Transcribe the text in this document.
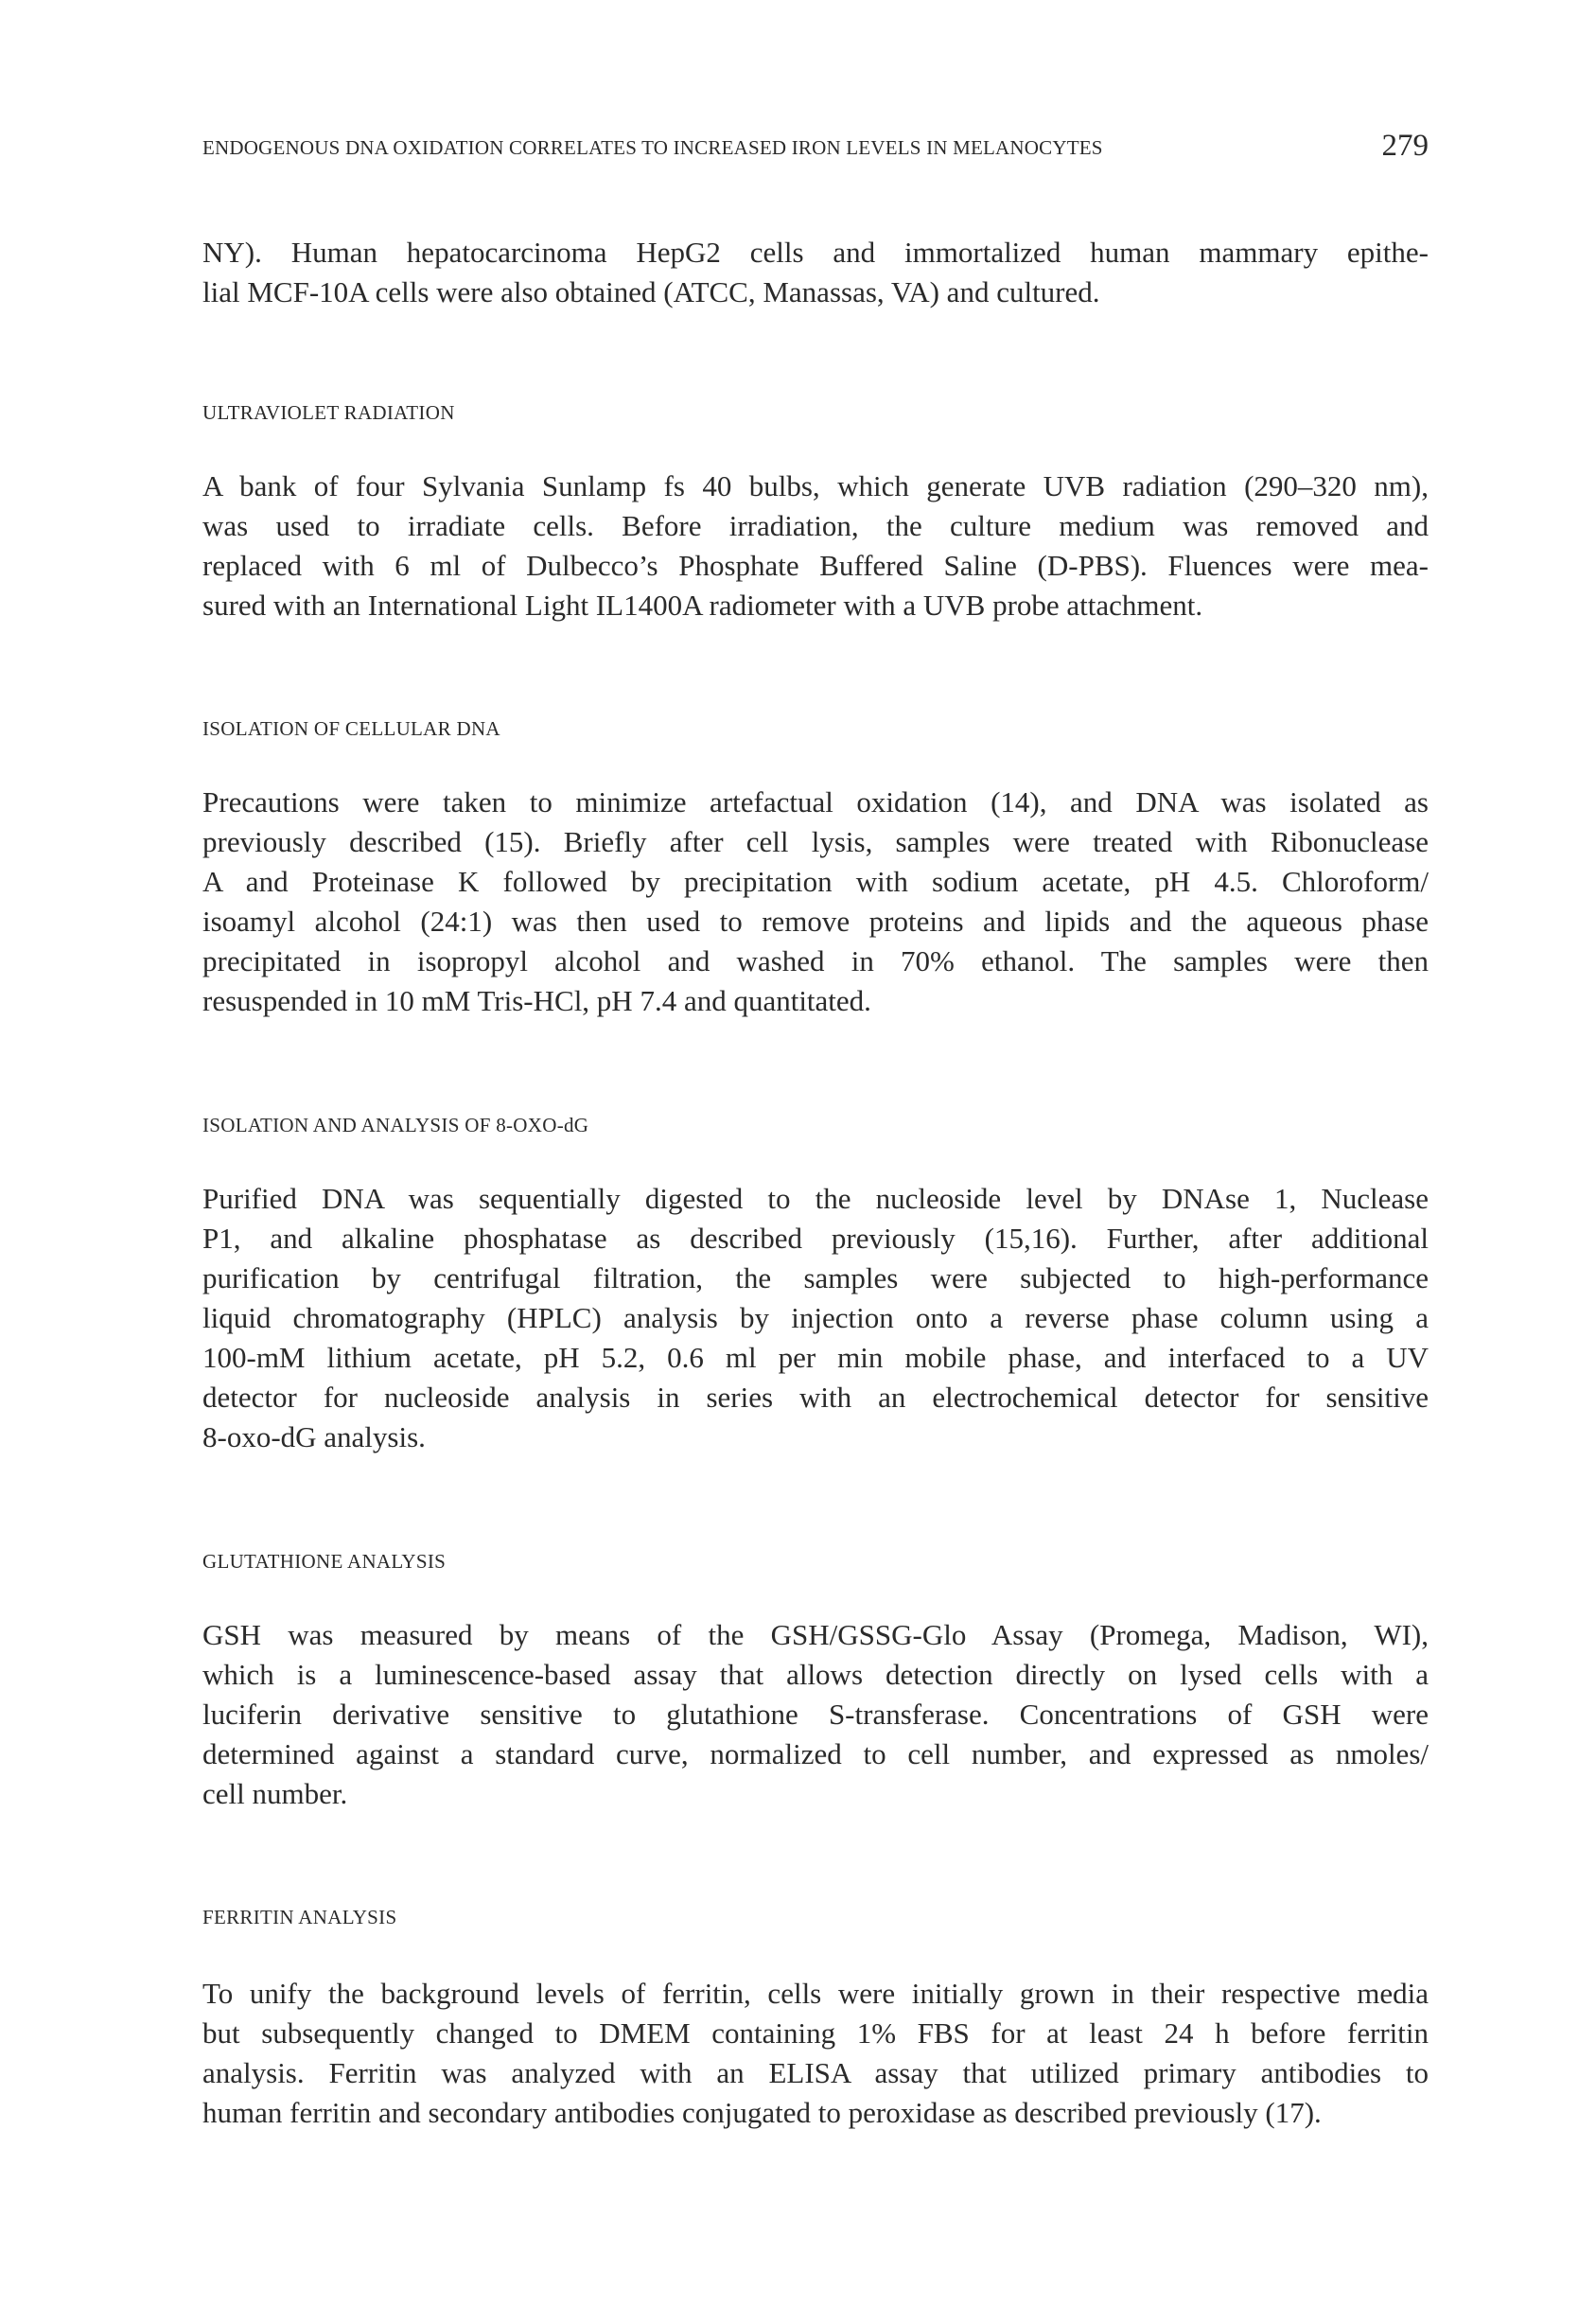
ENDOGENOUS DNA OXIDATION CORRELATES TO INCREASED IRON LEVELS IN MELANOCYTES	279
NY). Human hepatocarcinoma HepG2 cells and immortalized human mammary epithe-
lial MCF-10A cells were also obtained (ATCC, Manassas, VA) and cultured.
ULTRAVIOLET RADIATION
A bank of four Sylvania Sunlamp fs 40 bulbs, which generate UVB radiation (290–320 nm),
was used to irradiate cells. Before irradiation, the culture medium was removed and
replaced with 6 ml of Dulbecco’s Phosphate Buffered Saline (D-PBS). Fluences were mea-
sured with an International Light IL1400A radiometer with a UVB probe attachment.
ISOLATION OF CELLULAR DNA
Precautions were taken to minimize artefactual oxidation (14), and DNA was isolated as
previously described (15). Briefly after cell lysis, samples were treated with Ribonuclease
A and Proteinase K followed by precipitation with sodium acetate, pH 4.5. Chloroform/
isoamyl alcohol (24:1) was then used to remove proteins and lipids and the aqueous phase
precipitated in isopropyl alcohol and washed in 70% ethanol. The samples were then
resuspended in 10 mM Tris-HCl, pH 7.4 and quantitated.
ISOLATION AND ANALYSIS OF 8-OXO-dG
Purified DNA was sequentially digested to the nucleoside level by DNAse 1, Nuclease
P1, and alkaline phosphatase as described previously (15,16). Further, after additional
purification by centrifugal filtration, the samples were subjected to high-performance
liquid chromatography (HPLC) analysis by injection onto a reverse phase column using a
100-mM lithium acetate, pH 5.2, 0.6 ml per min mobile phase, and interfaced to a UV
detector for nucleoside analysis in series with an electrochemical detector for sensitive
8-oxo-dG analysis.
GLUTATHIONE ANALYSIS
GSH was measured by means of the GSH/GSSG-Glo Assay (Promega, Madison, WI),
which is a luminescence-based assay that allows detection directly on lysed cells with a
luciferin derivative sensitive to glutathione S-transferase. Concentrations of GSH were
determined against a standard curve, normalized to cell number, and expressed as nmoles/
cell number.
FERRITIN ANALYSIS
To unify the background levels of ferritin, cells were initially grown in their respective media
but subsequently changed to DMEM containing 1% FBS for at least 24 h before ferritin
analysis. Ferritin was analyzed with an ELISA assay that utilized primary antibodies to
human ferritin and secondary antibodies conjugated to peroxidase as described previously (17).
